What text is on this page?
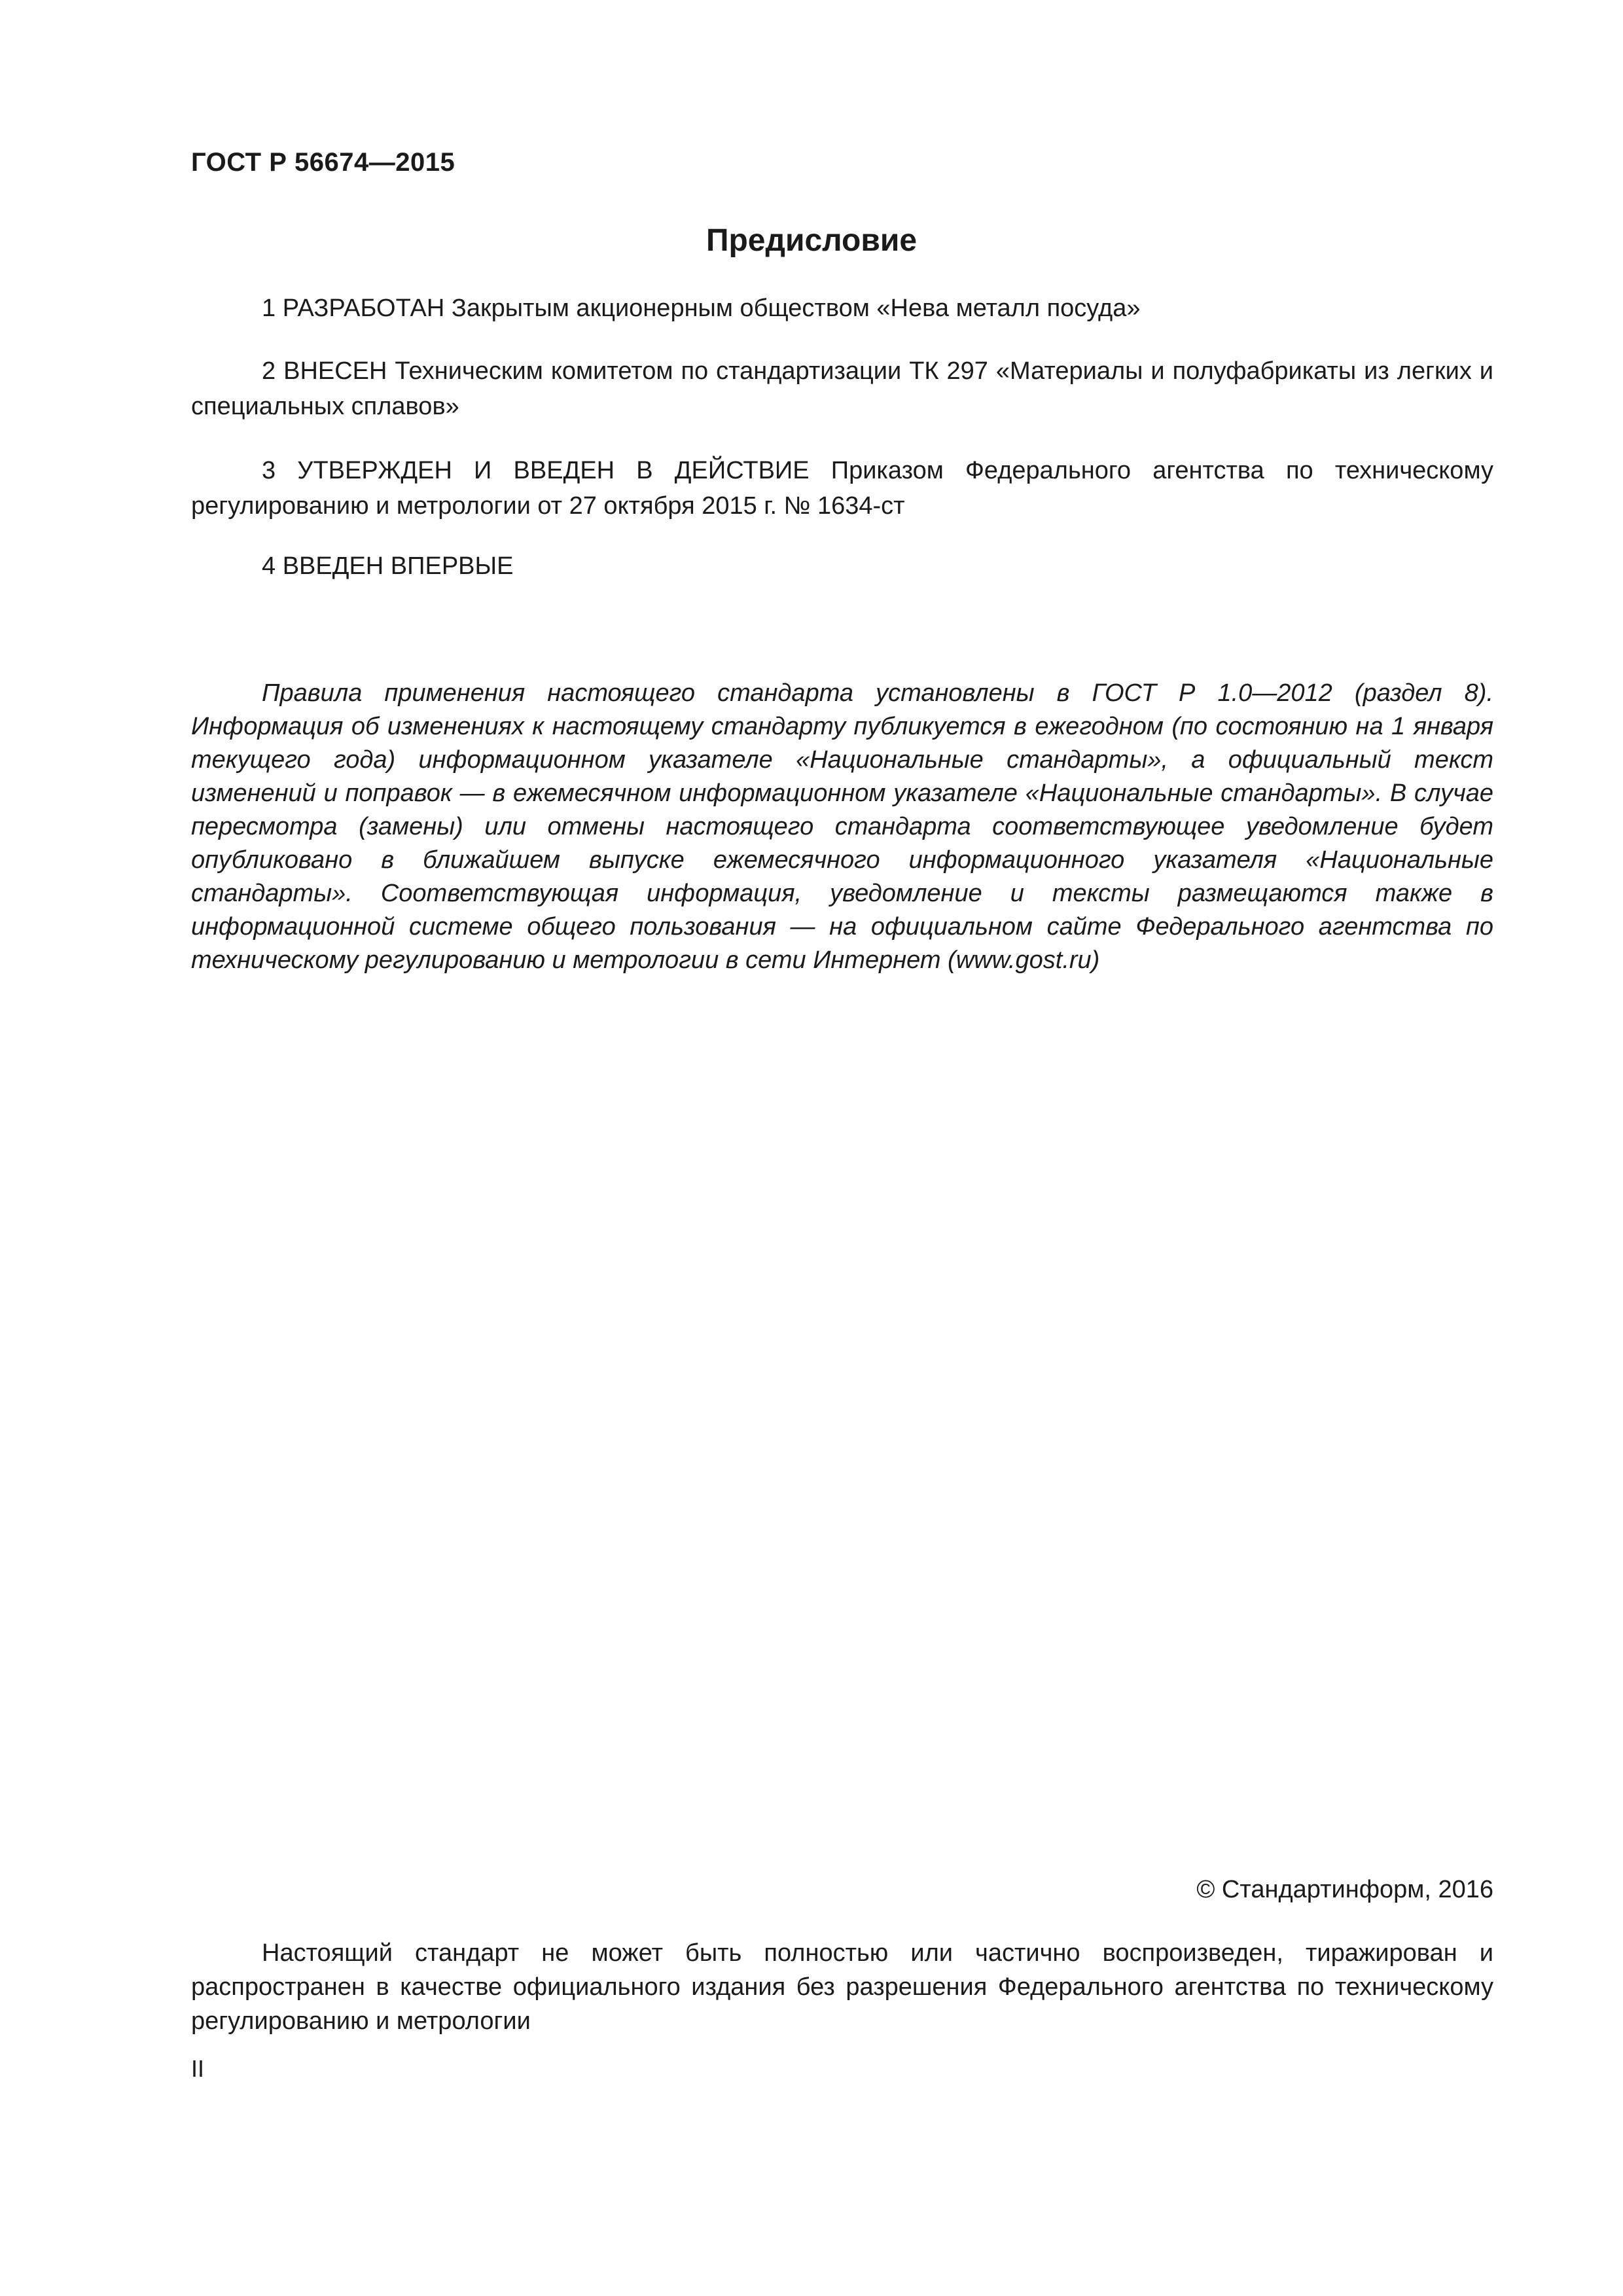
ГОСТ Р 56674—2015
Предисловие
1 РАЗРАБОТАН Закрытым акционерным обществом «Нева металл посуда»
2 ВНЕСЕН Техническим комитетом по стандартизации ТК 297 «Материалы и полуфабрикаты из легких и специальных сплавов»
3 УТВЕРЖДЕН И ВВЕДЕН В ДЕЙСТВИЕ Приказом Федерального агентства по техническому регулированию и метрологии от 27 октября 2015 г. № 1634-ст
4 ВВЕДЕН ВПЕРВЫЕ
Правила применения настоящего стандарта установлены в ГОСТ Р 1.0—2012 (раздел 8). Информация об изменениях к настоящему стандарту публикуется в ежегодном (по состоянию на 1 января текущего года) информационном указателе «Национальные стандарты», а официальный текст изменений и поправок — в ежемесячном информационном указателе «Национальные стандарты». В случае пересмотра (замены) или отмены настоящего стандарта соответствующее уведомление будет опубликовано в ближайшем выпуске ежемесячного информационного указателя «Национальные стандарты». Соответствующая информация, уведомление и тексты размещаются также в информационной системе общего пользования — на официальном сайте Федерального агентства по техническому регулированию и метрологии в сети Интернет (www.gost.ru)
© Стандартинформ, 2016
Настоящий стандарт не может быть полностью или частично воспроизведен, тиражирован и распространен в качестве официального издания без разрешения Федерального агентства по техническому регулированию и метрологии
II
